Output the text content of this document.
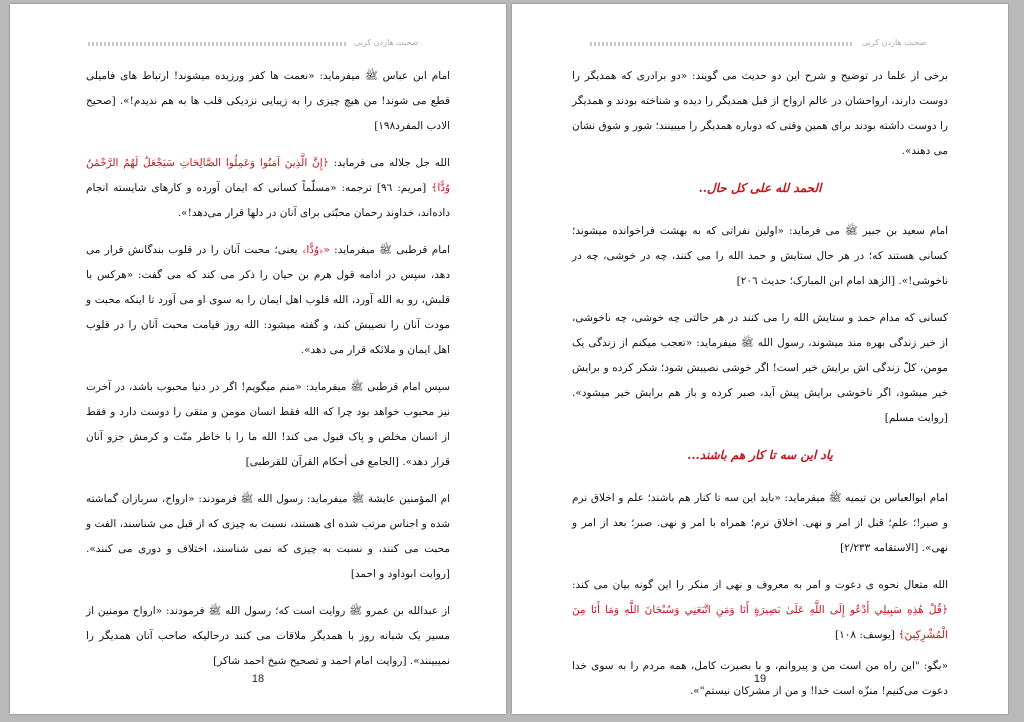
صحبت هاردن کرنی

امام ابن عباس ﷺ میفرماید: «نعمت ها کفر ورزیده میشوند! ارتباط های فامیلی قطع می شوند! من هیچ چیزی را به زیبایی نزدیکی قلب ها به هم ندیدم!». [صحیح الادب المفرد١٩٨]

الله جل جلاله می فرماید: ﴿إِنَّ الَّذِينَ آمَنُوا وَعَمِلُوا الصَّالِحَاتِ سَيَجْعَلُ لَهُمُ الرَّحْمَٰنُ وُدًّا﴾ [مریم: ٩٦] ترجمه: «مسلّماً کسانی که ایمان آورده و کارهای شایسته انجام داده‌اند، خداوند رحمان محبّتی برای آنان در دلها قرار می‌دهد!».

امام قرطبی ﷺ میفرماید: «﴿وُدًّا﴾ یعنی؛ محبت آنان را در قلوب بندگانش قرار می دهد، سپس در ادامه قول هرم بن حیان را ذکر می کند که می گفت: «هرکس با قلبش، رو به الله آورد، الله قلوب اهل ایمان را به سوی او می آورد تا اینکه محبت و مودت آنان را نصیبش کند، و گفته میشود: الله روز قیامت محبت آنان را در قلوب اهل ایمان و ملائکه قرار می دهد».

سپس امام قرطبی ﷺ میفرماید: «منم میگویم! اگر در دنیا محبوب باشد، در آخرت نیز محبوب خواهد بود چرا که الله فقط انسان مومن و متقی را دوست دارد و فقط از انسان مخلص و پاک قبول می کند! الله ما را با خاطر منّت و کرمش جزو آنان قرار دهد». [الجامع فی أحكام القرآن للقرطبی]

ام المؤمنین عایشة ﷺ میفرماید: رسول الله ﷺ فرمودند: «ارواح، سربازان گماشته شده و اجناس مرتب شده ای هستند، نسبت به چیزی که از قبل می شناسند، الفت و محبت می کنند، و نسبت به چیزی که نمی شناسند، اختلاف و دوری می کنند». [روایت ابوداود و احمد]

از عبدالله بن عمرو ﷺ روایت است که؛ رسول الله ﷺ فرمودند: «ارواح مومنین از مسیر یک شبانه روز با همدیگر ملاقات می کنند درحالیکه صاحب آنان همدیگر را نمیبینند». [روایت امام احمد و تصحیح شیخ احمد شاکر]

18
صحبت هاردن کرنی

برخی از علما در توضیح و شرح این دو حدیث می گویند: «دو برادری که همدیگر را دوست دارند، ارواحشان در عالم ارواح از قبل همدیگر را دیده و شناخته بودند و همدیگر را دوست داشته بودند برای همین وقتی که دوباره همدیگر را میبینند؛ شور و شوق نشان می دهند».

الحمد لله علی کل حال..

امام سعید بن جبیر ﷺ می فرماید: «اولین نفراتی که به بهشت فراخوانده میشوند؛ کسانی هستند که؛ در هر حال ستایش و حمد الله را می کنند، چه در خوشی، چه در ناخوشی!». [الزهد امام ابن المبارک؛ حدیث ٢٠٦]

کسانی که مدام حمد و ستایش الله را می کنند در هر حالتی چه خوشی، چه ناخوشی، از خیر زندگی بهره مند میشوند، رسول الله ﷺ میفرماید: «تعجب میکنم از زندگی یک مومن، کلّ زندگی اش برایش خیر است! اگر خوشی نصیبش شود؛ شکر کرده و برایش خیر میشود، اگر ناخوشی برایش پیش آید، صبر کرده و باز هم برایش خیر میشود». [روایت مسلم]

یاد این سه تا کار هم باشند...

امام ابوالعباس بن تیمیه ﷺ میفرماید: «باید این سه تا کنار هم باشند؛ علم و اخلاق نرم و صبر!؛ علم؛ قبل از امر و نهی. اخلاق نرم؛ همراه با امر و نهی. صبر؛ بعد از امر و نهی». [الاستقامه ٢/٢٣٣]

الله متعال نحوه ی دعوت و امر به معروف و نهی از منکر را این گونه بیان می کند: ﴿قُلْ هَٰذِهِ سَبِيلِي أَدْعُو إِلَى اللَّهِ عَلَىٰ بَصِيرَةٍ أَنَا وَمَنِ اتَّبَعَنِي وَسُبْحَانَ اللَّهِ وَمَا أَنَا مِنَ الْمُشْرِكِينَ﴾ [یوسف: ١٠٨]

«بگو: "این راه من است من و پیروانم، و با بصیرت کامل، همه مردم را به سوی خدا دعوت می‌کنیم! منزّه است خدا! و من از مشرکان نیستم"».

19
